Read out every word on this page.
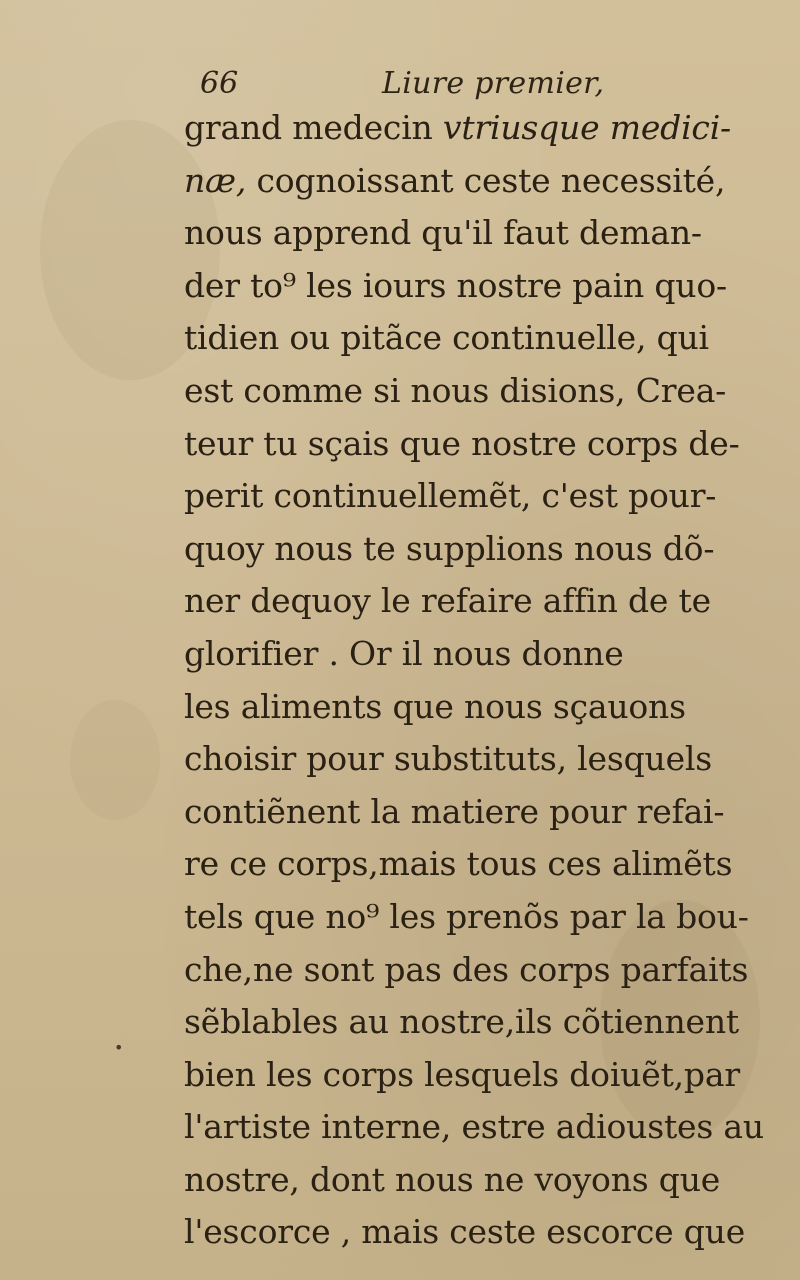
66	Liure premier,
•
grand medecin vtriusque medici-
næ, cognoissant ceste necessité,
nous apprend qu'il faut deman-
der to⁹ les iours nostre pain quo-
tidien ou pitãce continuelle, qui
est comme si nous disions, Crea-
teur tu sçais que nostre corps de-
perit continuellemẽt, c'est pour-
quoy nous te supplions nous dõ-
ner dequoy le refaire affin de te
glorifier . Or il nous donne
les aliments que nous sçauons
choisir pour substituts, lesquels
contiẽnent la matiere pour refai-
re ce corps,mais tous ces alimẽts
tels que no⁹ les prenõs par la bou-
che,ne sont pas des corps parfaits
sẽblables au nostre,ils cõtiennent
bien les corps lesquels doiuẽt,par
l'artiste interne, estre adioustes au
nostre, dont nous ne voyons que
l'escorce , mais ceste escorce que
